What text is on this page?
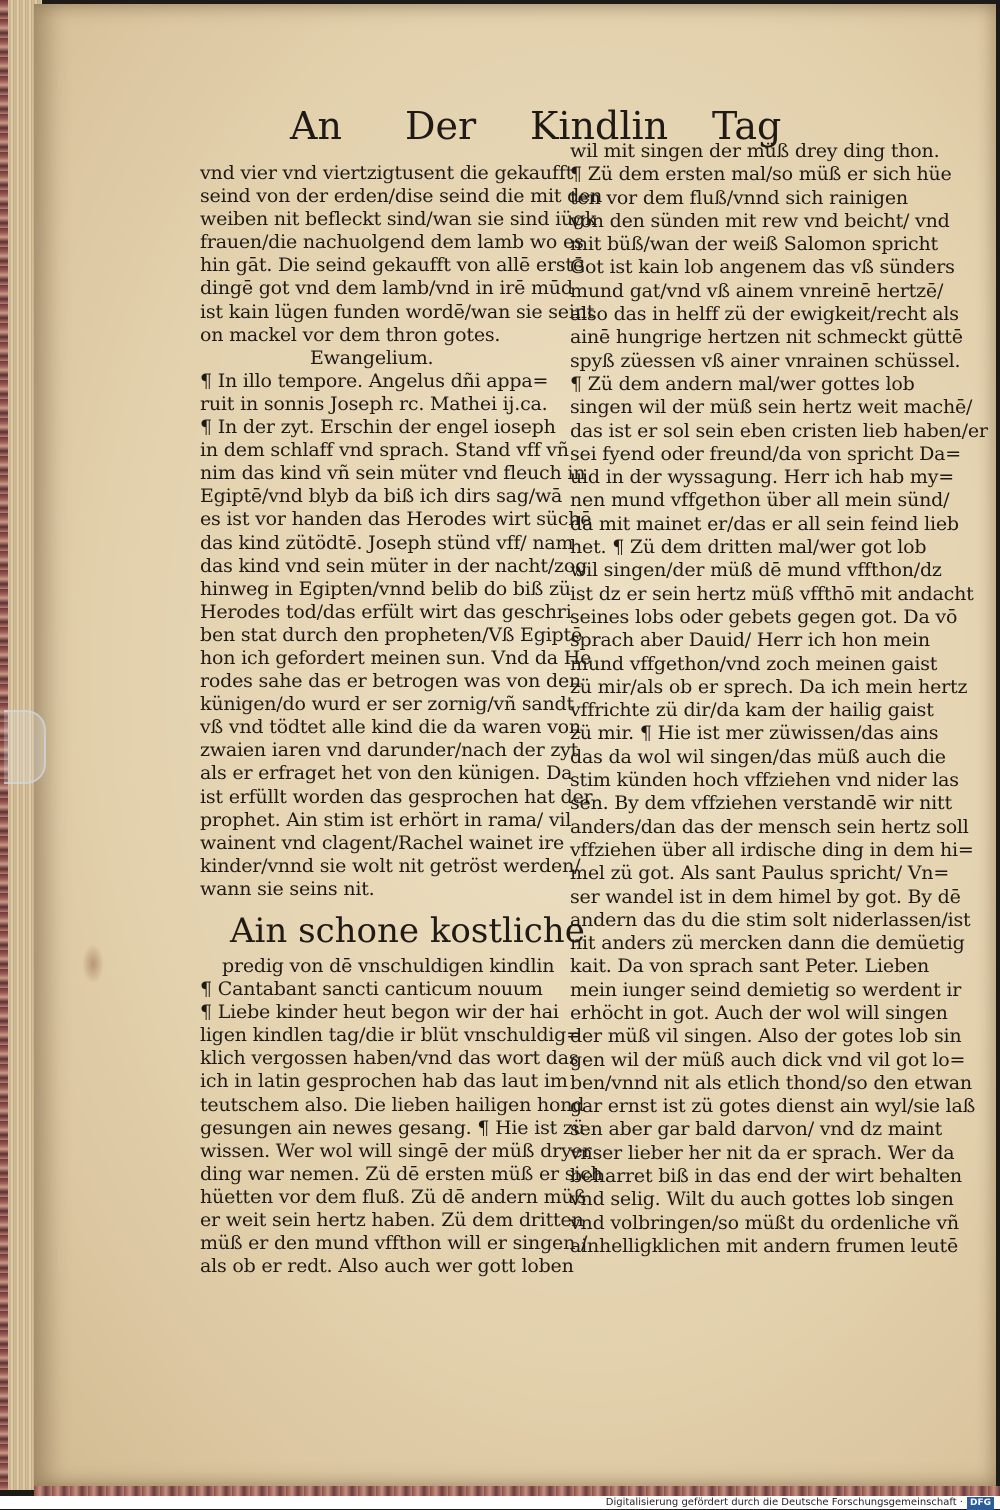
An Der Kindlin Tag
vnd vier vnd viertzigtusent die gekaufft
seind von der erden/dise seind die mit den
weiben nit befleckt sind/wan sie sind iügk
frauen/die nachuolgend dem lamb wo es
hin gāt. Die seind gekaufft von allē erstē
dingē got vnd dem lamb/vnd in irē mūd
ist kain lügen funden wordē/wan sie seint
on mackel vor dem thron gotes.
Ewangelium.
¶ In illo tempore. Angelus dñi appa=
ruit in sonnis Joseph rc. Mathei ij.ca.
¶ In der zyt. Erschin der engel ioseph
in dem schlaff vnd sprach. Stand vff vñ
nim das kind vñ sein müter vnd fleuch in
Egiptē/vnd blyb da biß ich dirs sag/wā
es ist vor handen das Herodes wirt süchē
das kind zütödtē. Joseph stünd vff/ nam
das kind vnd sein müter in der nacht/zog
hinweg in Egipten/vnnd belib do biß zü
Herodes tod/das erfült wirt das geschri
ben stat durch den propheten/Vß Egiptē
hon ich gefordert meinen sun. Vnd da He
rodes sahe das er betrogen was von den
künigen/do wurd er ser zornig/vñ sandt
vß vnd tödtet alle kind die da waren von
zwaien iaren vnd darunder/nach der zyt
als er erfraget het von den künigen. Da
ist erfüllt worden das gesprochen hat der
prophet. Ain stim ist erhört in rama/ vil
wainent vnd clagent/Rachel wainet ire
kinder/vnnd sie wolt nit getröst werden/
wann sie seins nit.
Ain schone kostliche
predig von dē vnschuldigen kindlin
¶ Cantabant sancti canticum nouum
¶ Liebe kinder heut begon wir der hai
ligen kindlen tag/die ir blüt vnschuldig=
klich vergossen haben/vnd das wort das
ich in latin gesprochen hab das laut im
teutschem also. Die lieben hailigen hond
gesungen ain newes gesang. ¶ Hie ist zü
wissen. Wer wol will singē der müß dryer
ding war nemen. Zü dē ersten müß er sich
hüetten vor dem fluß. Zü dē andern müß
er weit sein hertz haben. Zü dem dritten
müß er den mund vffthon will er singen /
als ob er redt. Also auch wer gott loben
wil mit singen der müß drey ding thon.
¶ Zü dem ersten mal/so müß er sich hüe
ten vor dem fluß/vnnd sich rainigen
von den sünden mit rew vnd beicht/ vnd
mit büß/wan der weiß Salomon spricht
Got ist kain lob angenem das vß sünders
mund gat/vnd vß ainem vnreinē hertzē/
also das in helff zü der ewigkeit/recht als
ainē hungrige hertzen nit schmeckt güttē
spyß züessen vß ainer vnrainen schüssel.
¶ Zü dem andern mal/wer gottes lob
singen wil der müß sein hertz weit machē/
das ist er sol sein eben cristen lieb haben/er
sei fyend oder freund/da von spricht Da=
uid in der wyssagung. Herr ich hab my=
nen mund vffgethon über all mein sünd/
da mit mainet er/das er all sein feind lieb
het. ¶ Zü dem dritten mal/wer got lob
wil singen/der müß dē mund vffthon/dz
ist dz er sein hertz müß vffthō mit andacht
seines lobs oder gebets gegen got. Da vō
sprach aber Dauid/ Herr ich hon mein
mund vffgethon/vnd zoch meinen gaist
zü mir/als ob er sprech. Da ich mein hertz
vffrichte zü dir/da kam der hailig gaist
zü mir. ¶ Hie ist mer züwissen/das ains
das da wol wil singen/das müß auch die
stim künden hoch vffziehen vnd nider las
sen. By dem vffziehen verstandē wir nitt
anders/dan das der mensch sein hertz soll
vffziehen über all irdische ding in dem hi=
mel zü got. Als sant Paulus spricht/ Vn=
ser wandel ist in dem himel by got. By dē
andern das du die stim solt niderlassen/ist
nit anders zü mercken dann die demüetig
kait. Da von sprach sant Peter. Lieben
mein iunger seind demietig so werdent ir
erhöcht in got. Auch der wol will singen
der müß vil singen. Also der gotes lob sin
gen wil der müß auch dick vnd vil got lo=
ben/vnnd nit als etlich thond/so den etwan
gar ernst ist zü gotes dienst ain wyl/sie laß
sen aber gar bald darvon/ vnd dz maint
vnser lieber her nit da er sprach. Wer da
beharret biß in das end der wirt behalten
vnd selig. Wilt du auch gottes lob singen
vnd volbringen/so müßt du ordenliche vñ
ainhelligklichen mit andern frumen leutē
Digitalisierung gefördert durch die Deutsche Forschungsgemeinschaft · DFG
